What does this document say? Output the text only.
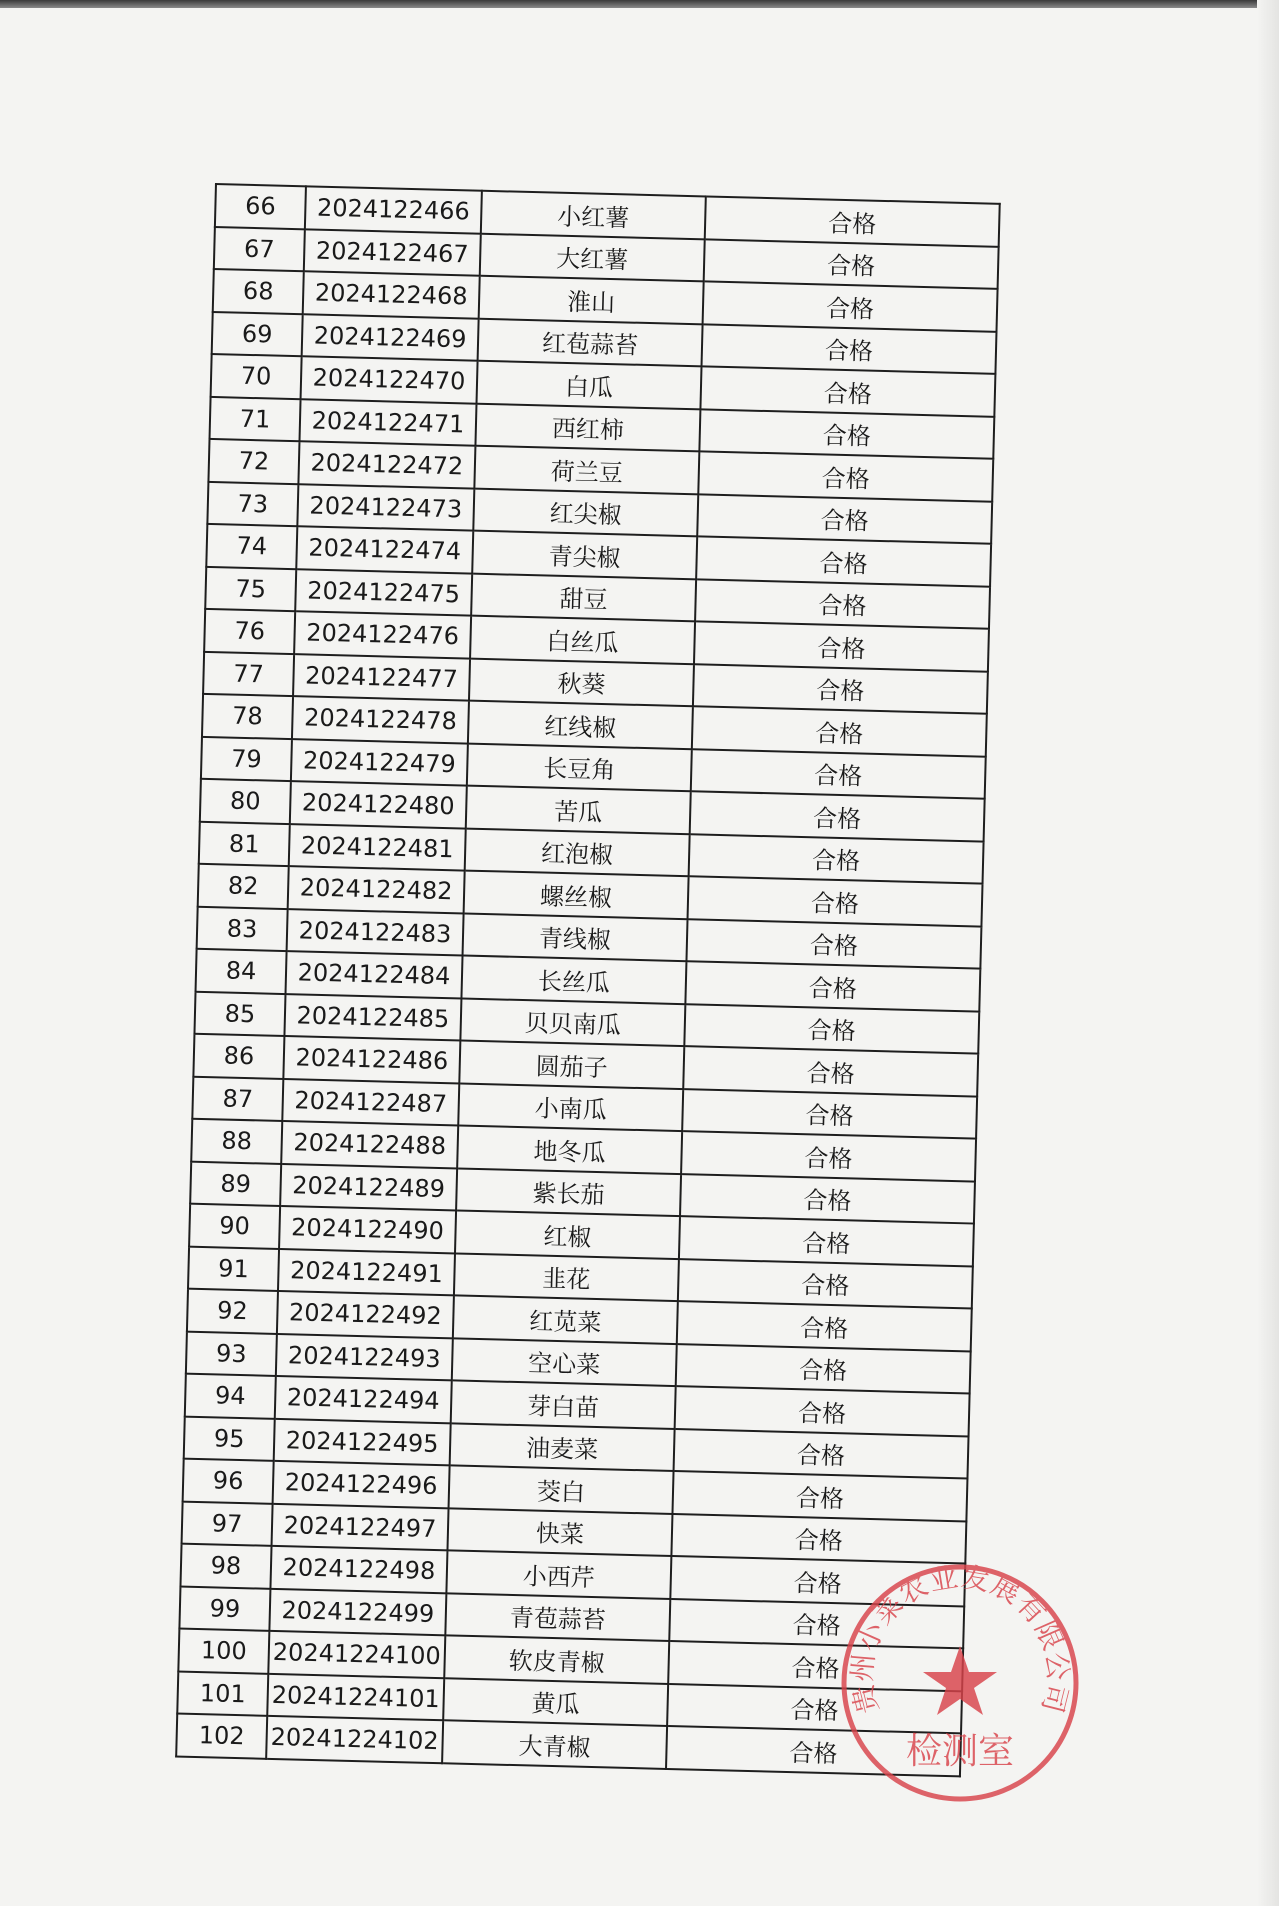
66	2024122466	小红薯	合格
67	2024122467	大红薯	合格
68	2024122468	淮山	合格
69	2024122469	红苞蒜苔	合格
70	2024122470	白瓜	合格
71	2024122471	西红柿	合格
72	2024122472	荷兰豆	合格
73	2024122473	红尖椒	合格
74	2024122474	青尖椒	合格
75	2024122475	甜豆	合格
76	2024122476	白丝瓜	合格
77	2024122477	秋葵	合格
78	2024122478	红线椒	合格
79	2024122479	长豆角	合格
80	2024122480	苦瓜	合格
81	2024122481	红泡椒	合格
82	2024122482	螺丝椒	合格
83	2024122483	青线椒	合格
84	2024122484	长丝瓜	合格
85	2024122485	贝贝南瓜	合格
86	2024122486	圆茄子	合格
87	2024122487	小南瓜	合格
88	2024122488	地冬瓜	合格
89	2024122489	紫长茄	合格
90	2024122490	红椒	合格
91	2024122491	韭花	合格
92	2024122492	红苋菜	合格
93	2024122493	空心菜	合格
94	2024122494	芽白苗	合格
95	2024122495	油麦菜	合格
96	2024122496	茭白	合格
97	2024122497	快菜	合格
98	2024122498	小西芹	合格
99	2024122499	青苞蒜苔	合格
100	20241224100	软皮青椒	合格
101	20241224101	黄瓜	合格
102	20241224102	大青椒	合格
贵州小菜农业发展有限公司
检测室
